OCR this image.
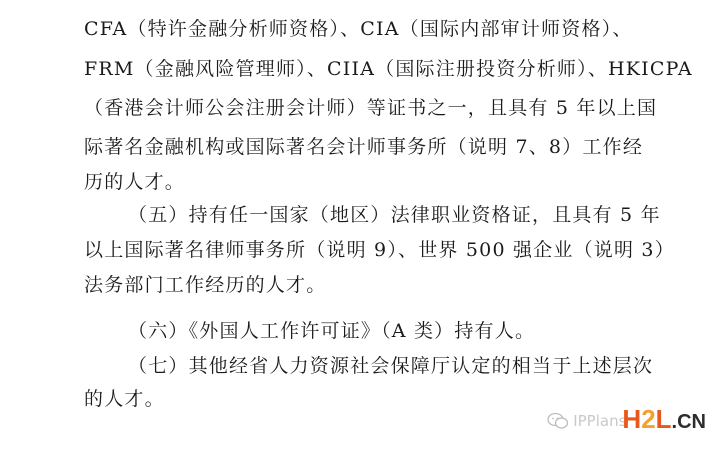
CFA（特许金融分析师资格）、CIA（国际内部审计师资格）、
FRM（金融风险管理师）、CIIA（国际注册投资分析师）、HKICPA
（香港会计师公会注册会计师）等证书之一，且具有 5 年以上国
际著名金融机构或国际著名会计师事务所（说明 7、8）工作经
历的人才。
（五）持有任一国家（地区）法律职业资格证，且具有 5 年
以上国际著名律师事务所（说明 9）、世界 500 强企业（说明 3）
法务部门工作经历的人才。
（六）《外国人工作许可证》（A 类）持有人。
（七）其他经省人力资源社会保障厅认定的相当于上述层次
的人才。
IPPlans
H 2 L .CN
